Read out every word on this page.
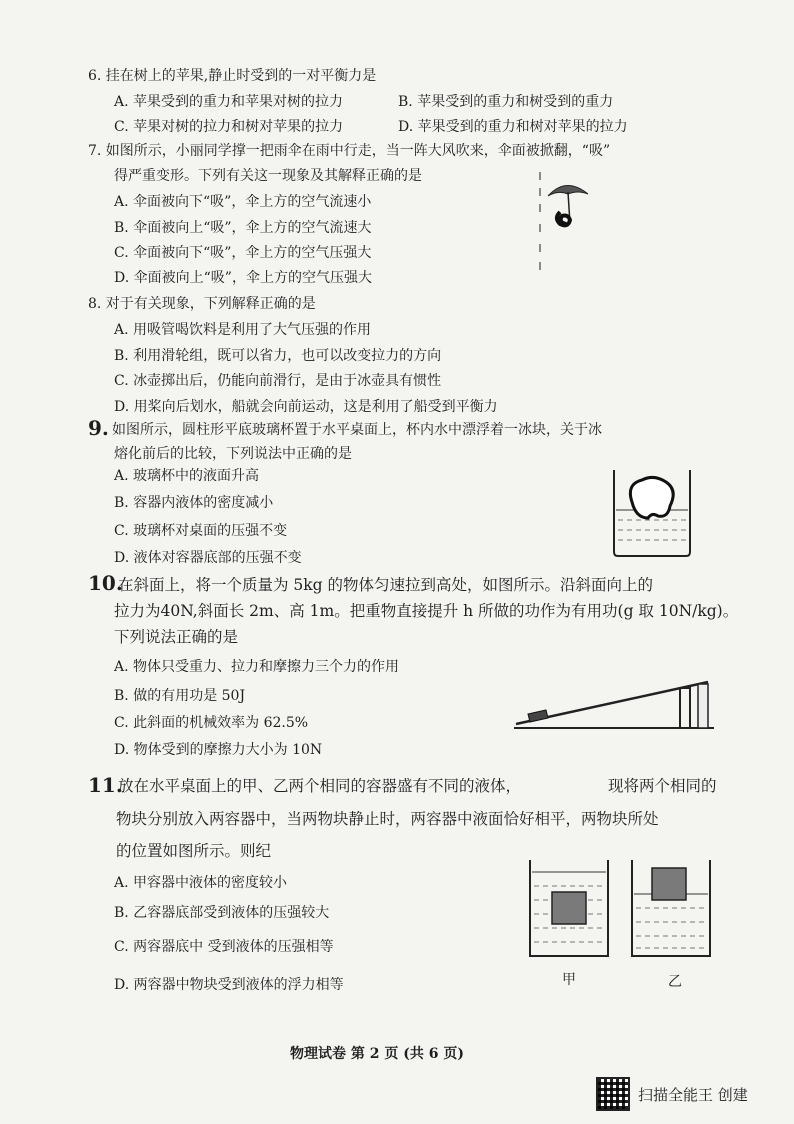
6. 挂在树上的苹果,静止时受到的一对平衡力是
A. 苹果受到的重力和苹果对树的拉力	B. 苹果受到的重力和树受到的重力
C. 苹果对树的拉力和树对苹果的拉力	D. 苹果受到的重力和树对苹果的拉力
7. 如图所示，小丽同学撑一把雨伞在雨中行走，当一阵大风吹来，伞面被掀翻，“吸”
得严重变形。下列有关这一现象及其解释正确的是
A. 伞面被向下“吸”，伞上方的空气流速小
B. 伞面被向上“吸”，伞上方的空气流速大
C. 伞面被向下“吸”，伞上方的空气压强大
D. 伞面被向上“吸”，伞上方的空气压强大
8. 对于有关现象，下列解释正确的是
A. 用吸管喝饮料是利用了大气压强的作用
B. 利用滑轮组，既可以省力，也可以改变拉力的方向
C. 冰壶掷出后，仍能向前滑行，是由于冰壶具有惯性
D. 用桨向后划水，船就会向前运动，这是利用了船受到平衡力
9. 如图所示，圆柱形平底玻璃杯置于水平桌面上，杯内水中漂浮着一冰块，关于冰
熔化前后的比较，下列说法中正确的是
A. 玻璃杯中的液面升高
B. 容器内液体的密度减小
C. 玻璃杯对桌面的压强不变
D. 液体对容器底部的压强不变
10.
在斜面上，将一个质量为 5kg 的物体匀速拉到高处，如图所示。沿斜面向上的
拉力为40N,斜面长 2m、高 1m。把重物直接提升 h 所做的功作为有用功(g 取 10N/kg)。
下列说法正确的是
A. 物体只受重力、拉力和摩擦力三个力的作用
B. 做的有用功是 50J
C. 此斜面的机械效率为 62.5%
D. 物体受到的摩擦力大小为 10N
11.
放在水平桌面上的甲、乙两个相同的容器盛有不同的液体，	现将两个相同的
物块分别放入两容器中，当两物块静止时，两容器中液面恰好相平，两物块所处
的位置如图所示。则纪
A. 甲容器中液体的密度较小
B. 乙容器底部受到液体的压强较大
C. 两容器底中 受到液体的压强相等
D. 两容器中物块受到液体的浮力相等	甲	乙
物理试卷 第 2 页 (共 6 页)
扫描全能王 创建
